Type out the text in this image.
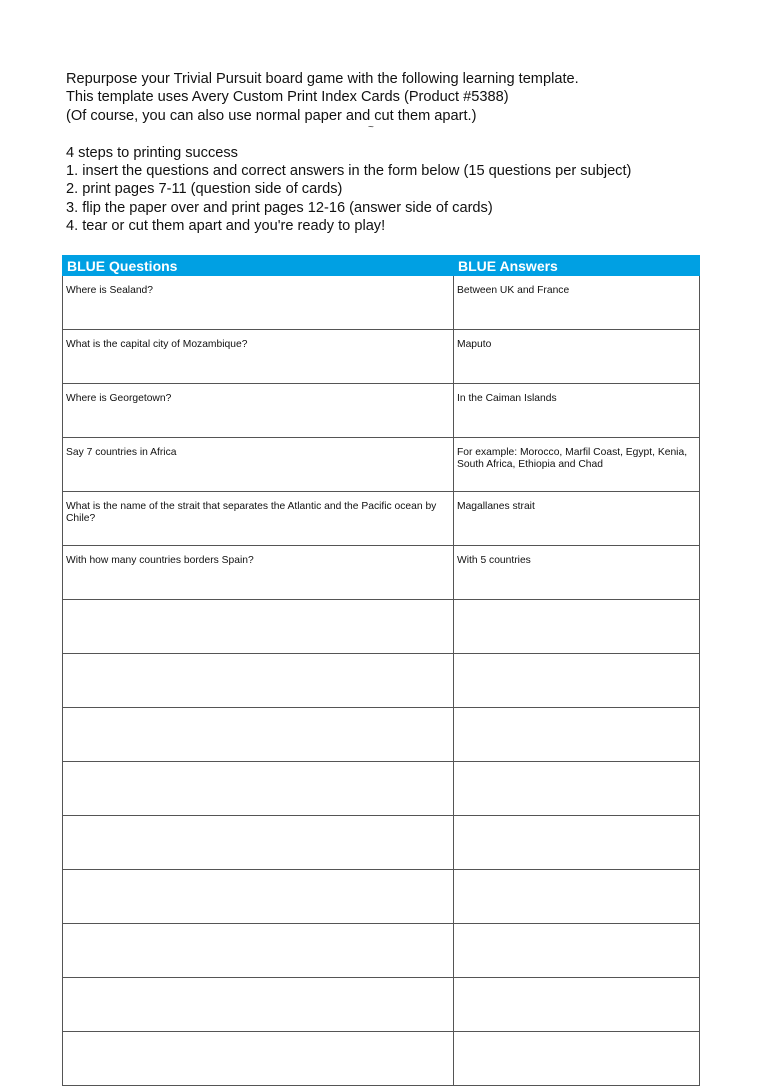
Repurpose your Trivial Pursuit board game with the following learning template.
This template uses Avery Custom Print Index Cards (Product #5388)
(Of course, you can also use normal paper and cut them apart.)
~
4 steps to printing success
1. insert the questions and correct answers in the form below (15 questions per subject)
2. print pages 7-11 (question side of cards)
3. flip the paper over and print pages 12-16 (answer side of cards)
4. tear or cut them apart and you're ready to play!
BLUE Questions	BLUE Answers
Where is Sealand?	Between UK and France
What is the capital city of Mozambique?	Maputo
Where is Georgetown?	In the Caiman Islands
Say 7 countries in Africa	For example: Morocco, Marfil Coast, Egypt, Kenia, South Africa, Ethiopia and Chad
What is the name of the strait that separates the Atlantic and the Pacific ocean by Chile?	Magallanes strait
With how many countries borders Spain?	With 5 countries
